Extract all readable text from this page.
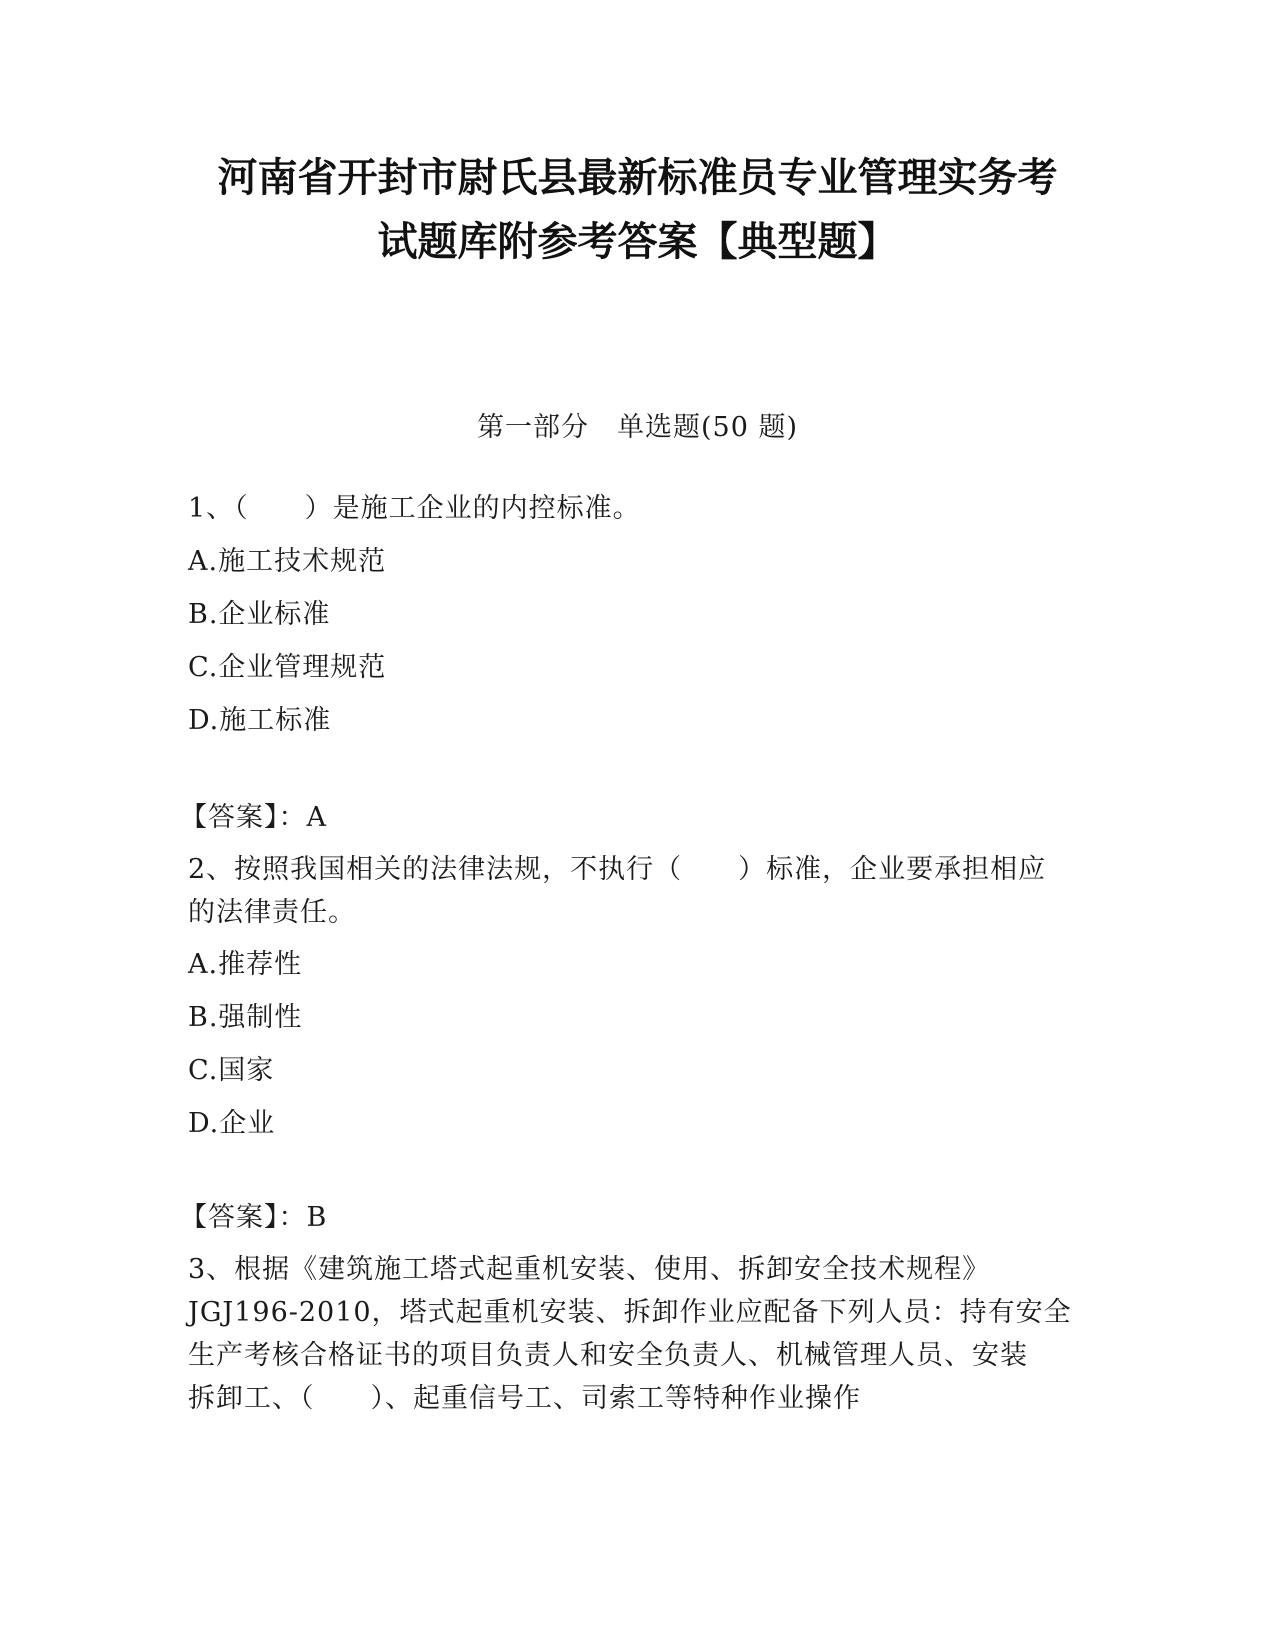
河南省开封市尉氏县最新标准员专业管理实务考
试题库附参考答案【典型题】
第一部分　单选题(50 题)
1、（　　）是施工企业的内控标准。
A.施工技术规范
B.企业标准
C.企业管理规范
D.施工标准
【答案】：A
2、按照我国相关的法律法规，不执行（　　）标准，企业要承担相应
的法律责任。
A.推荐性
B.强制性
C.国家
D.企业
【答案】：B
3、根据《建筑施工塔式起重机安装、使用、拆卸安全技术规程》
JGJ196-2010，塔式起重机安装、拆卸作业应配备下列人员：持有安全
生产考核合格证书的项目负责人和安全负责人、机械管理人员、安装
拆卸工、（　　）、起重信号工、司索工等特种作业操作
